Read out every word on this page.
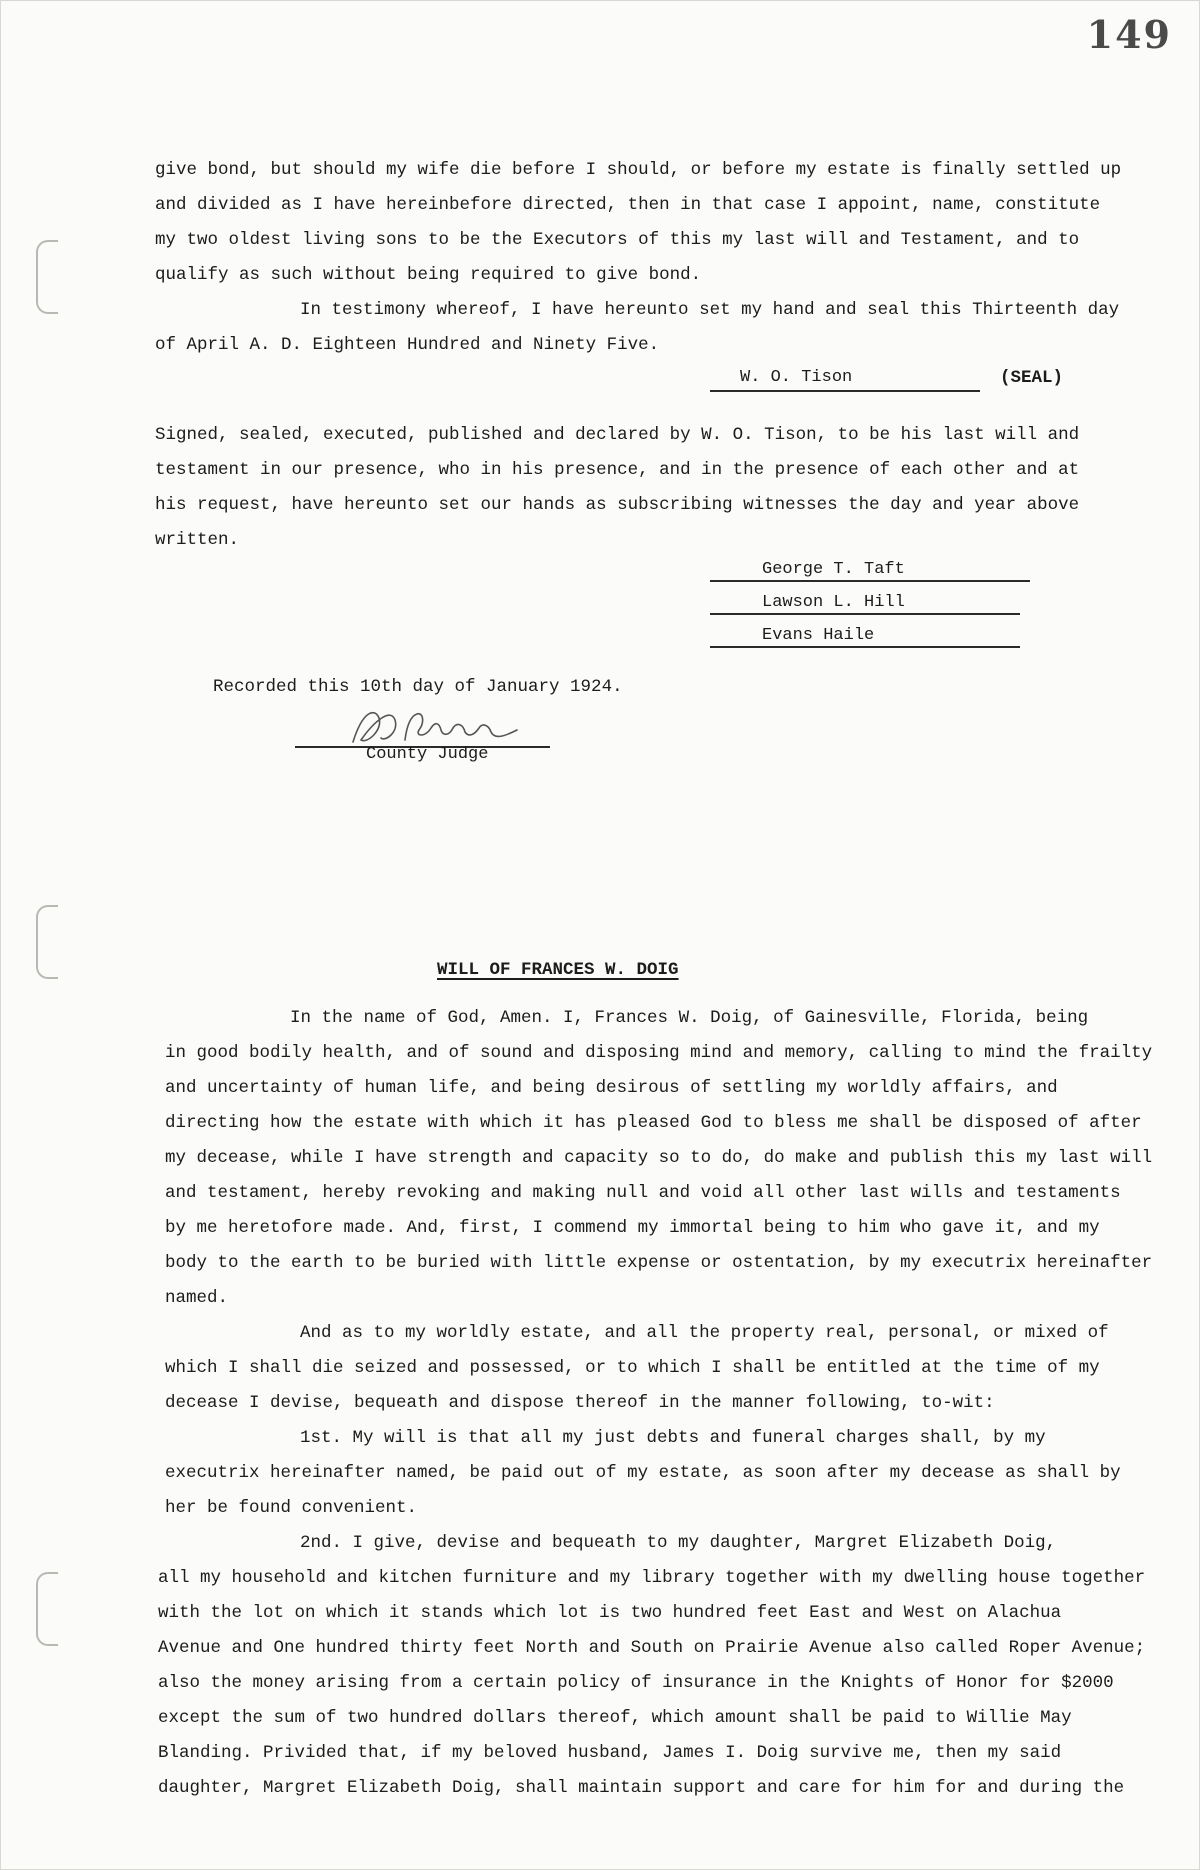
149
give bond, but should my wife die before I should, or before my estate is finally settled up
and divided as I have hereinbefore directed, then in that case I appoint, name, constitute
my two oldest living sons to be the Executors of this my last will and Testament, and to
qualify as such without being required to give bond.
In testimony whereof, I have hereunto set my hand and seal this Thirteenth day
of April A. D. Eighteen Hundred and Ninety Five.
W. O. Tison	(SEAL)
Signed, sealed, executed, published and declared by W. O. Tison, to be his last will and
testament in our presence, who in his presence, and in the presence of each other and at
his request, have hereunto set our hands as subscribing witnesses the day and year above
written.
George T. Taft
Lawson L. Hill
Evans Haile
Recorded this 10th day of January 1924.
County Judge
WILL OF FRANCES W. DOIG
In the name of God, Amen. I, Frances W. Doig, of Gainesville, Florida, being
in good bodily health, and of sound and disposing mind and memory, calling to mind the frailty
and uncertainty of human life, and being desirous of settling my worldly affairs, and
directing how the estate with which it has pleased God to bless me shall be disposed of after
my decease, while I have strength and capacity so to do, do make and publish this my last will
and testament, hereby revoking and making null and void all other last wills and testaments
by me heretofore made. And, first, I commend my immortal being to him who gave it, and my
body to the earth to be buried with little expense or ostentation, by my executrix hereinafter
named.
And as to my worldly estate, and all the property real, personal, or mixed of
which I shall die seized and possessed, or to which I shall be entitled at the time of my
decease I devise, bequeath and dispose thereof in the manner following, to-wit:
1st. My will is that all my just debts and funeral charges shall, by my
executrix hereinafter named, be paid out of my estate, as soon after my decease as shall by
her be found convenient.
2nd. I give, devise and bequeath to my daughter, Margret Elizabeth Doig,
all my household and kitchen furniture and my library together with my dwelling house together
with the lot on which it stands which lot is two hundred feet East and West on Alachua
Avenue and One hundred thirty feet North and South on Prairie Avenue also called Roper Avenue;
also the money arising from a certain policy of insurance in the Knights of Honor for $2000
except the sum of two hundred dollars thereof, which amount shall be paid to Willie May
Blanding. Privided that, if my beloved husband, James I. Doig survive me, then my said
daughter, Margret Elizabeth Doig, shall maintain support and care for him for and during the
